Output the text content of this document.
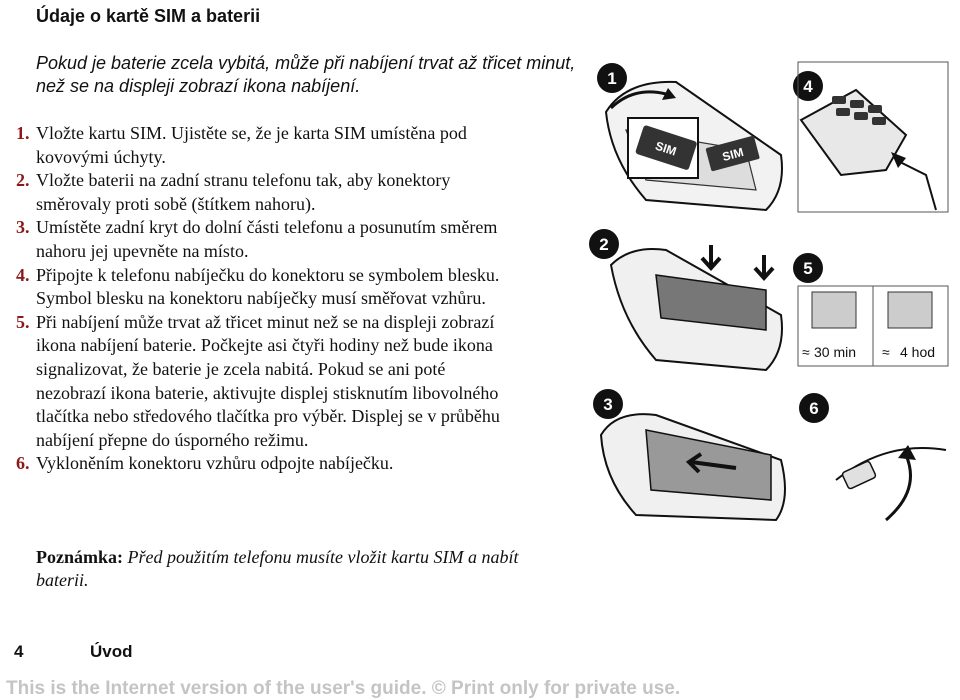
Údaje o kartě SIM a baterii
Pokud je baterie zcela vybitá, může při nabíjení trvat až třicet minut, než se na displeji zobrazí ikona nabíjení.
1. Vložte kartu SIM. Ujistěte se, že je karta SIM umístěna pod kovovými úchyty.
2. Vložte baterii na zadní stranu telefonu tak, aby konektory směrovaly proti sobě (štítkem nahoru).
3. Umístěte zadní kryt do dolní části telefonu a posunutím směrem nahoru jej upevněte na místo.
4. Připojte k telefonu nabíječku do konektoru se symbolem blesku. Symbol blesku na konektoru nabíječky musí směřovat vzhůru.
5. Při nabíjení může trvat až třicet minut než se na displeji zobrazí ikona nabíjení baterie. Počkejte asi čtyři hodiny než bude ikona signalizovat, že baterie je zcela nabitá. Pokud se ani poté nezobrazí ikona baterie, aktivujte displej stisknutím libovolného tlačítka nebo středového tlačítka pro výběr. Displej se v průběhu nabíjení přepne do úsporného režimu.
6. Vykloněním konektoru vzhůru odpojte nabíječku.
Poznámka: Před použitím telefonu musíte vložit kartu SIM a nabít baterii.
4	Úvod
This is the Internet version of the user's guide. © Print only for private use.
1
SIM	SIM
4
2
5
≈ 30 min ≈ 4 hod
3	6
